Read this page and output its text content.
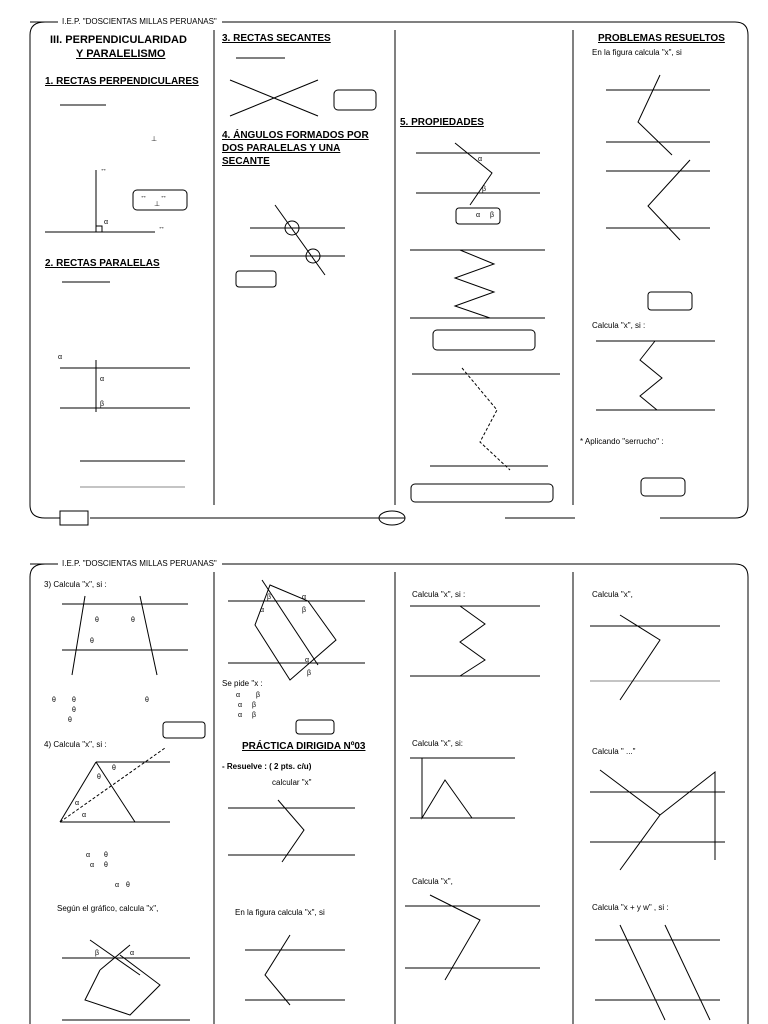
I.E.P. "DOSCIENTAS MILLAS PERUANAS"
I.E.P. "DOSCIENTAS MILLAS PERUANAS"
III. PERPENDICULARIDAD
Y PARALELISMO
1. RECTAS PERPENDICULARES
⊥
↔
α
↔
↔ ↔
⊥
2. RECTAS PARALELAS
α
α
β
3. RECTAS SECANTES
4. ÁNGULOS FORMADOS POR
DOS PARALELAS Y UNA
SECANTE
5. PROPIEDADES
α
β
α β
PROBLEMAS RESUELTOS
En la figura calcula "x", si
Calcula "x", si :
* Aplicando "serrucho" :
3) Calcula "x", si :
θ	θ
θ
θ θ	θ
θ
θ
4) Calcula "x", si :
θ
θ
α
α
α θ
α θ
α θ
Según el gráfico, calcula "x",
β	α
β	α
α	β
α
β
Se pide "x :
α β
α β
α β
PRÁCTICA DIRIGIDA Nº03
- Resuelve : ( 2 pts. c/u)
calcular "x"
En la figura calcula "x", si
Calcula "x", si :
Calcula "x", si:
Calcula "x",
Calcula "x",
Calcula " ..."
Calcula "x + y w" , si :
